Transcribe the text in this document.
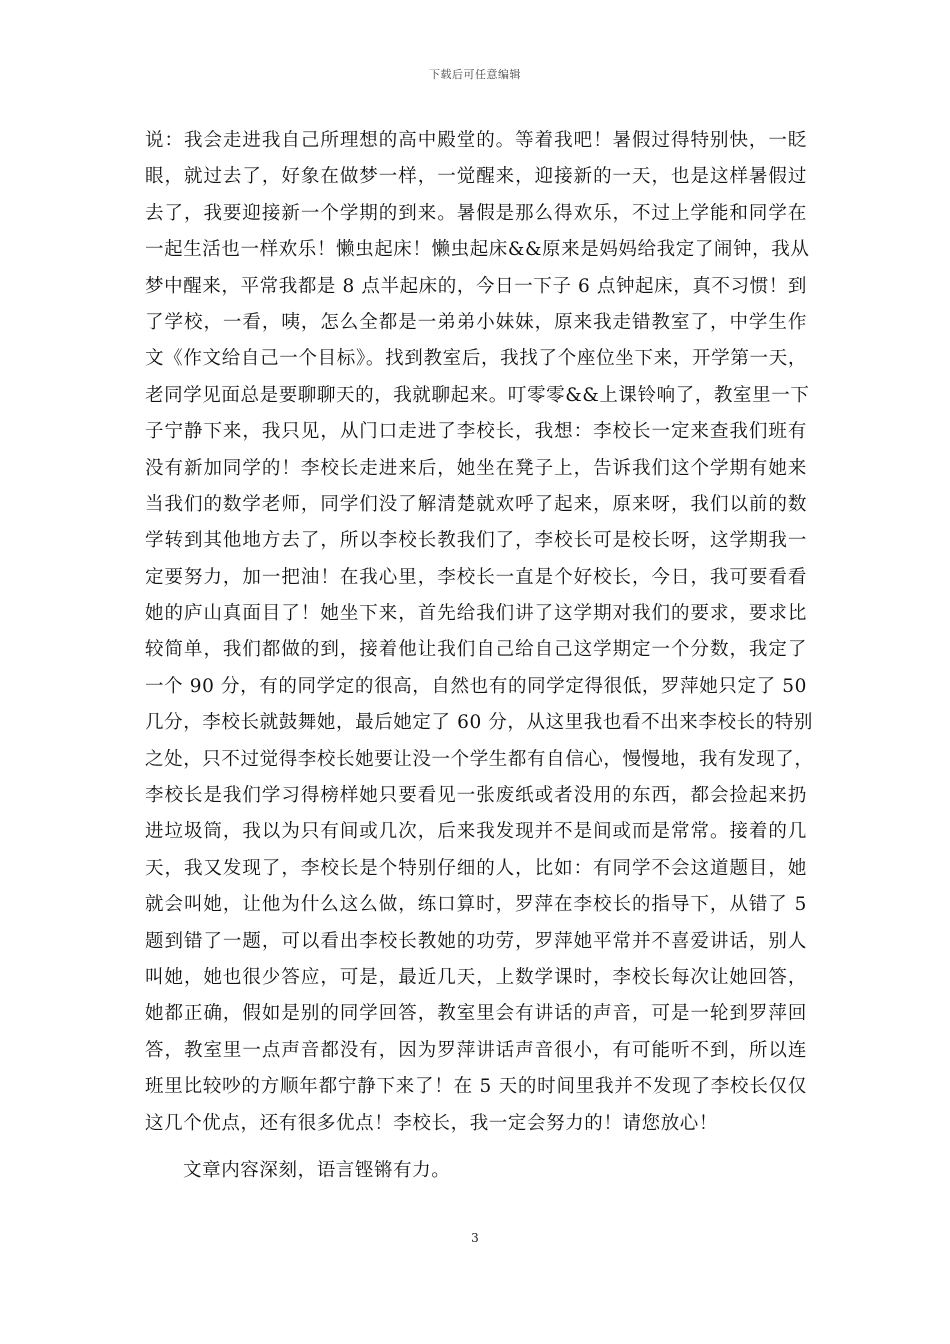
下载后可任意编辑
说：我会走进我自己所理想的高中殿堂的。等着我吧！暑假过得特别快，一眨
眼，就过去了，好象在做梦一样，一觉醒来，迎接新的一天，也是这样暑假过
去了，我要迎接新一个学期的到来。暑假是那么得欢乐，不过上学能和同学在
一起生活也一样欢乐！懒虫起床！懒虫起床&&原来是妈妈给我定了闹钟，我从
梦中醒来，平常我都是 8 点半起床的，今日一下子 6 点钟起床，真不习惯！到
了学校，一看，咦，怎么全都是一弟弟小妹妹，原来我走错教室了，中学生作
文《作文给自己一个目标》。找到教室后，我找了个座位坐下来，开学第一天，
老同学见面总是要聊聊天的，我就聊起来。叮零零&&上课铃响了，教室里一下
子宁静下来，我只见，从门口走进了李校长，我想：李校长一定来查我们班有
没有新加同学的！李校长走进来后，她坐在凳子上，告诉我们这个学期有她来
当我们的数学老师，同学们没了解清楚就欢呼了起来，原来呀，我们以前的数
学转到其他地方去了，所以李校长教我们了，李校长可是校长呀，这学期我一
定要努力，加一把油！在我心里，李校长一直是个好校长，今日，我可要看看
她的庐山真面目了！她坐下来，首先给我们讲了这学期对我们的要求，要求比
较简单，我们都做的到，接着他让我们自己给自己这学期定一个分数，我定了
一个 90 分，有的同学定的很高，自然也有的同学定得很低，罗萍她只定了 50
几分，李校长就鼓舞她，最后她定了 60 分，从这里我也看不出来李校长的特别
之处，只不过觉得李校长她要让没一个学生都有自信心，慢慢地，我有发现了，
李校长是我们学习得榜样她只要看见一张废纸或者没用的东西，都会捡起来扔
进垃圾筒，我以为只有间或几次，后来我发现并不是间或而是常常。接着的几
天，我又发现了，李校长是个特别仔细的人，比如：有同学不会这道题目，她
就会叫她，让他为什么这么做，练口算时，罗萍在李校长的指导下，从错了 5
题到错了一题，可以看出李校长教她的功劳，罗萍她平常并不喜爱讲话，别人
叫她，她也很少答应，可是，最近几天，上数学课时，李校长每次让她回答，
她都正确，假如是别的同学回答，教室里会有讲话的声音，可是一轮到罗萍回
答，教室里一点声音都没有，因为罗萍讲话声音很小，有可能听不到，所以连
班里比较吵的方顺年都宁静下来了！在 5 天的时间里我并不发现了李校长仅仅
这几个优点，还有很多优点！李校长，我一定会努力的！请您放心！
文章内容深刻，语言铿锵有力。
3
